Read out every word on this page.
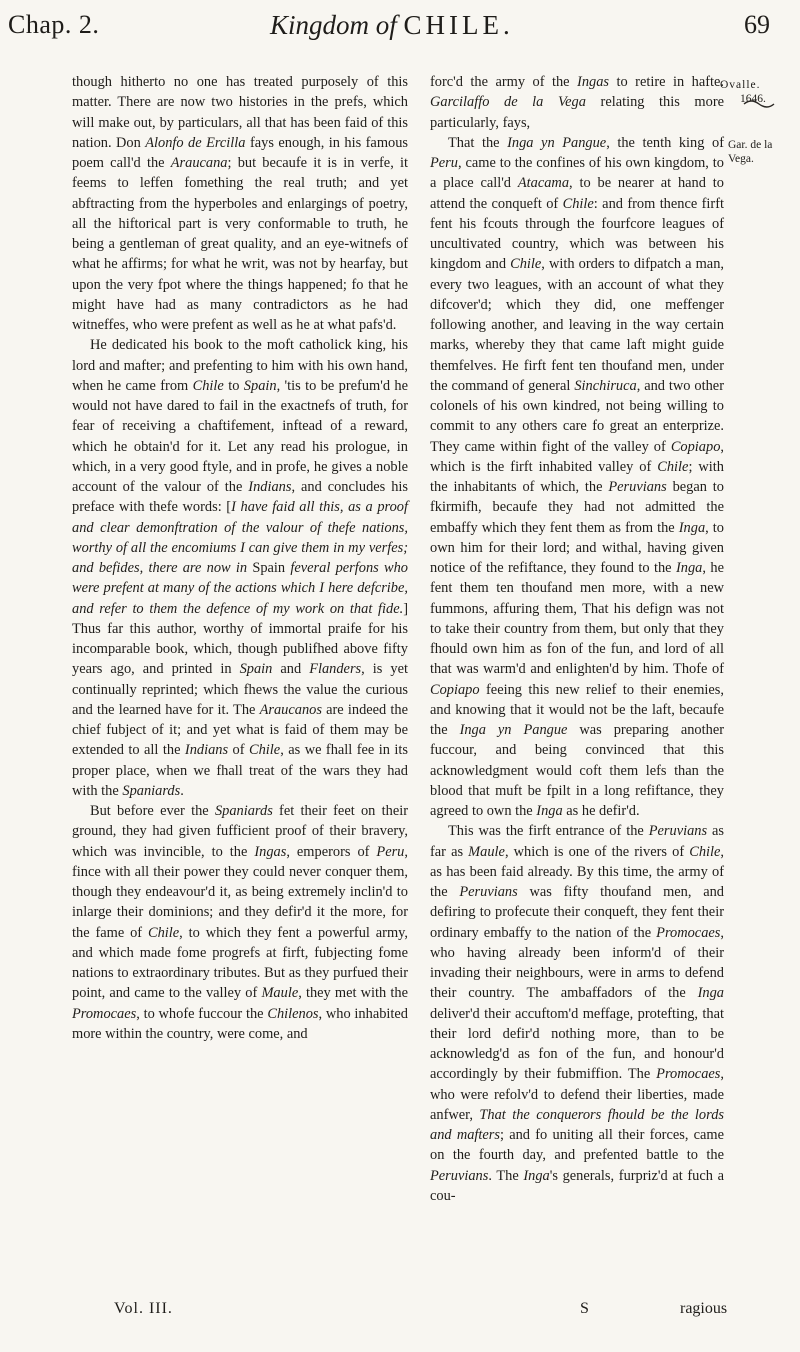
Chap. 2.	Kingdom of CHILE.	69
Ovalle.
1646.
Gar. de la Vega.

though hitherto no one has treated purposely of this matter. There are now two histories in the prefs, which will make out, by particulars, all that has been faid of this nation. Don Alonfo de Ercilla fays enough, in his famous poem call'd the Araucana; but becaufe it is in verfe, it feems to leffen fomething the real truth; and yet abftracting from the hyperboles and enlargings of poetry, all the hiftorical part is very conformable to truth, he being a gentleman of great quality, and an eye-witnefs of what he affirms; for what he writ, was not by hearfay, but upon the very fpot where the things happened; fo that he might have had as many contradictors as he had witneffes, who were prefent as well as he at what pafs'd.

He dedicated his book to the moft catholick king, his lord and mafter; and prefenting to him with his own hand, when he came from Chile to Spain, 'tis to be prefum'd he would not have dared to fail in the exactnefs of truth, for fear of receiving a chaftifement, inftead of a reward, which he obtain'd for it. Let any read his prologue, in which, in a very good ftyle, and in profe, he gives a noble account of the valour of the Indians, and concludes his preface with thefe words: [I have faid all this, as a proof and clear demonftration of the valour of thefe nations, worthy of all the encomiums I can give them in my verfes; and befides, there are now in Spain feveral perfons who were prefent at many of the actions which I here defcribe, and refer to them the defence of my work on that fide.] Thus far this author, worthy of immortal praife for his incomparable book, which, though publifhed above fifty years ago, and printed in Spain and Flanders, is yet continually reprinted; which fhews the value the curious and the learned have for it. The Araucanos are indeed the chief fubject of it; and yet what is faid of them may be extended to all the Indians of Chile, as we fhall fee in its proper place, when we fhall treat of the wars they had with the Spaniards.

But before ever the Spaniards fet their feet on their ground, they had given fufficient proof of their bravery, which was invincible, to the Ingas, emperors of Peru, fince with all their power they could never conquer them, though they endeavour'd it, as being extremely inclin'd to inlarge their dominions; and they defir'd it the more, for the fame of Chile, to which they fent a powerful army, and which made fome progrefs at firft, fubjecting fome nations to extraordinary tributes. But as they purfued their point, and came to the valley of Maule, they met with the Promocaes, to whofe fuccour the Chilenos, who inhabited more within the country, were come, and

forc'd the army of the Ingas to retire in hafte. Garcilaffo de la Vega relating this more particularly, fays,

That the Inga yn Pangue, the tenth king of Peru, came to the confines of his own kingdom, to a place call'd Atacama, to be nearer at hand to attend the conqueft of Chile: and from thence firft fent his fcouts through the fourfcore leagues of uncultivated country, which was between his kingdom and Chile, with orders to difpatch a man, every two leagues, with an account of what they difcover'd; which they did, one meffenger following another, and leaving in the way certain marks, whereby they that came laft might guide themfelves. He firft fent ten thoufand men, under the command of general Sinchiruca, and two other colonels of his own kindred, not being willing to commit to any others care fo great an enterprize. They came within fight of the valley of Copiapo, which is the firft inhabited valley of Chile; with the inhabitants of which, the Peruvians began to fkirmifh, becaufe they had not admitted the embaffy which they fent them as from the Inga, to own him for their lord; and withal, having given notice of the refiftance, they found to the Inga, he fent them ten thoufand men more, with a new fummons, affuring them, That his defign was not to take their country from them, but only that they fhould own him as fon of the fun, and lord of all that was warm'd and enlighten'd by him. Thofe of Copiapo feeing this new relief to their enemies, and knowing that it would not be the laft, becaufe the Inga yn Pangue was preparing another fuccour, and being convinced that this acknowledgment would coft them lefs than the blood that muft be fpilt in a long refiftance, they agreed to own the Inga as he defir'd.

This was the firft entrance of the Peruvians as far as Maule, which is one of the rivers of Chile, as has been faid already. By this time, the army of the Peruvians was fifty thoufand men, and defiring to profecute their conqueft, they fent their ordinary embaffy to the nation of the Promocaes, who having already been inform'd of their invading their neighbours, were in arms to defend their country. The ambaffadors of the Inga deliver'd their accuftom'd meffage, protefting, that their lord defir'd nothing more, than to be acknowledg'd as fon of the fun, and honour'd accordingly by their fubmiffion. The Promocaes, who were refolv'd to defend their liberties, made anfwer, That the conquerors fhould be the lords and mafters; and fo uniting all their forces, came on the fourth day, and prefented battle to the Peruvians. The Inga's generals, furpriz'd at fuch a cou-

Vol. III.	S	ragious
